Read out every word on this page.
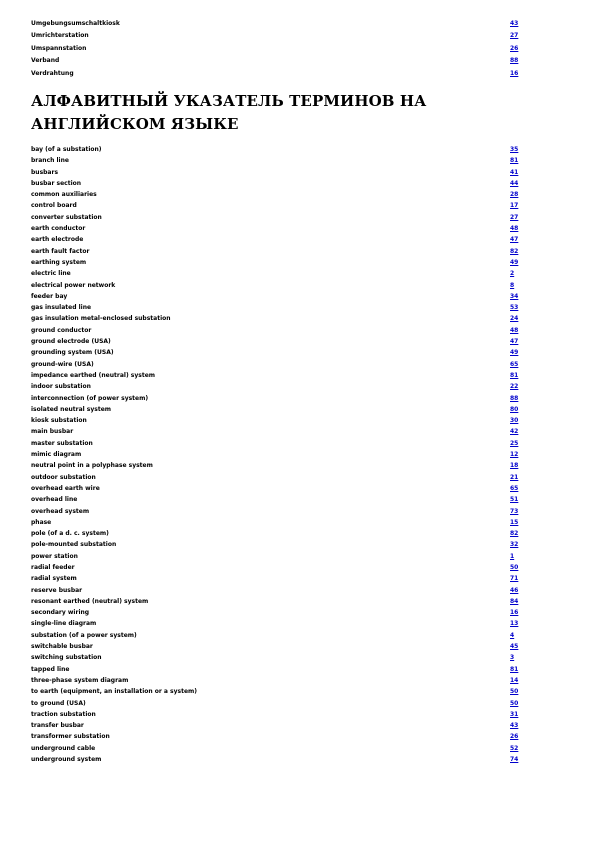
Umgebungsumschaltkiosk	43
Umrichterstation	27
Umspannstation	26
Verband	88
Verdrahtung	16
АЛФАВИТНЫЙ УКАЗАТЕЛЬ ТЕРМИНОВ НА АНГЛИЙСКОМ ЯЗЫКЕ
bay (of a substation)	35
branch line	81
busbars	41
busbar section	44
common auxiliaries	28
control board	17
converter substation	27
earth conductor	48
earth electrode	47
earth fault factor	82
earthing system	49
electric line	2
electrical power network	8
feeder bay	34
gas insulated line	53
gas insulation metal-enclosed substation	24
ground conductor	48
ground electrode (USA)	47
grounding system (USA)	49
ground-wire (USA)	65
impedance earthed (neutral) system	81
indoor substation	22
interconnection (of power system)	88
isolated neutral system	80
kiosk substation	30
main busbar	42
master substation	25
mimic diagram	12
neutral point in a polyphase system	18
outdoor substation	21
overhead earth wire	65
overhead line	51
overhead system	73
phase	15
pole (of a d. c. system)	82
pole-mounted substation	32
power station	1
radial feeder	50
radial system	71
reserve busbar	46
resonant earthed (neutral) system	84
secondary wiring	16
single-line diagram	13
substation (of a power system)	4
switchable busbar	45
switching substation	3
tapped line	81
three-phase system diagram	14
to earth (equipment, an installation or a system)	50
to ground (USA)	50
traction substation	31
transfer busbar	43
transformer substation	26
underground cable	52
underground system	74
